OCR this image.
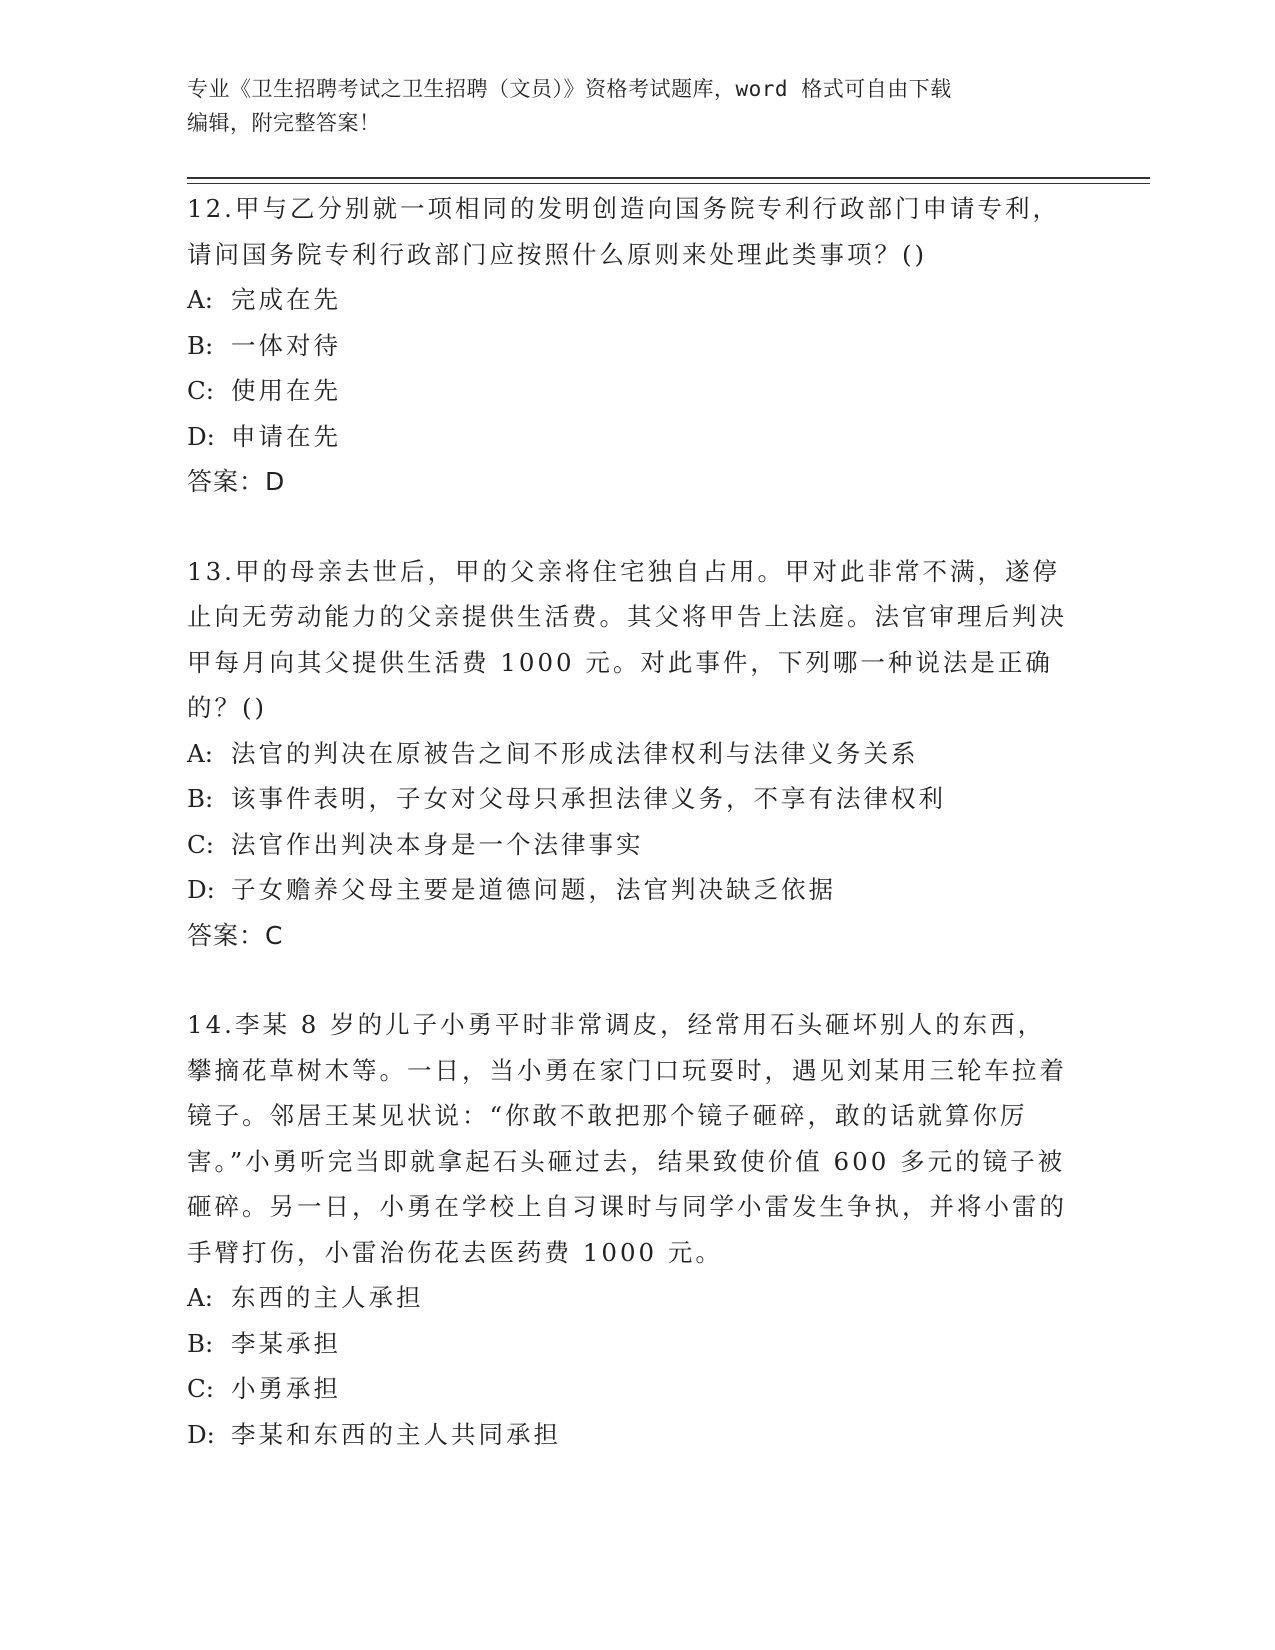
专业《卫生招聘考试之卫生招聘（文员）》资格考试题库，word 格式可自由下载
编辑，附完整答案！

12.甲与乙分别就一项相同的发明创造向国务院专利行政部门申请专利，请问国务院专利行政部门应按照什么原则来处理此类事项？()

A: 完成在先

B: 一体对待

C: 使用在先

D: 申请在先

答案：D

13.甲的母亲去世后，甲的父亲将住宅独自占用。甲对此非常不满，遂停止向无劳动能力的父亲提供生活费。其父将甲告上法庭。法官审理后判决甲每月向其父提供生活费 1000 元。对此事件，下列哪一种说法是正确的？()

A: 法官的判决在原被告之间不形成法律权利与法律义务关系

B: 该事件表明，子女对父母只承担法律义务，不享有法律权利

C: 法官作出判决本身是一个法律事实

D: 子女赡养父母主要是道德问题，法官判决缺乏依据

答案：C

14.李某 8 岁的儿子小勇平时非常调皮，经常用石头砸坏别人的东西，攀摘花草树木等。一日，当小勇在家门口玩耍时，遇见刘某用三轮车拉着镜子。邻居王某见状说：“你敢不敢把那个镜子砸碎，敢的话就算你厉害。”小勇听完当即就拿起石头砸过去，结果致使价值 600 多元的镜子被砸碎。另一日，小勇在学校上自习课时与同学小雷发生争执，并将小雷的手臂打伤，小雷治伤花去医药费 1000 元。

A: 东西的主人承担

B: 李某承担

C: 小勇承担

D: 李某和东西的主人共同承担
